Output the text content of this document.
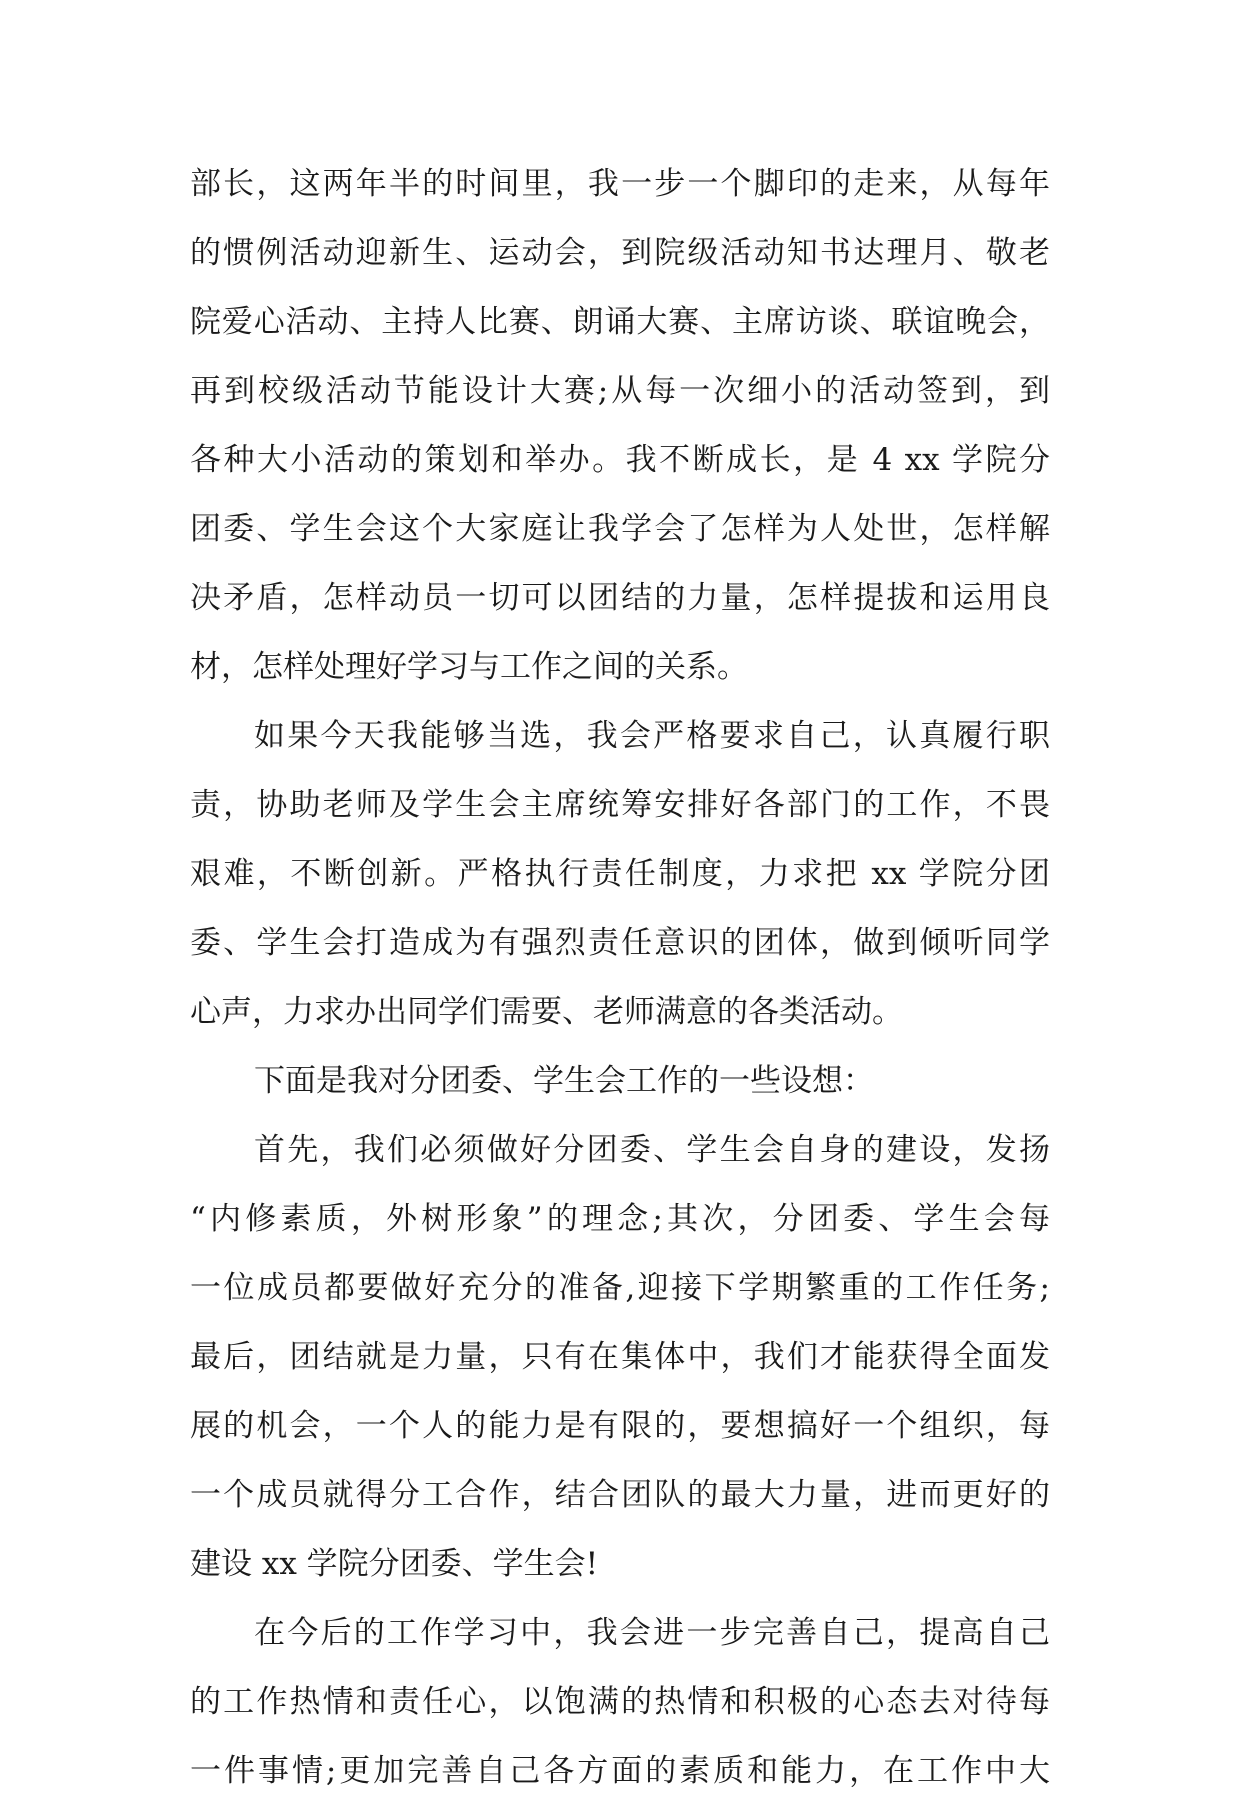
部长，这两年半的时间里，我一步一个脚印的走来，从每年
的惯例活动迎新生、运动会，到院级活动知书达理月、敬老
院爱心活动、主持人比赛、朗诵大赛、主席访谈、联谊晚会，
再到校级活动节能设计大赛;从每一次细小的活动签到，到
各种大小活动的策划和举办。我不断成长，是 4 xx 学院分
团委、学生会这个大家庭让我学会了怎样为人处世，怎样解
决矛盾，怎样动员一切可以团结的力量，怎样提拔和运用良
材，怎样处理好学习与工作之间的关系。
如果今天我能够当选，我会严格要求自己，认真履行职
责，协助老师及学生会主席统筹安排好各部门的工作，不畏
艰难，不断创新。严格执行责任制度，力求把 xx 学院分团
委、学生会打造成为有强烈责任意识的团体，做到倾听同学
心声，力求办出同学们需要、老师满意的各类活动。
下面是我对分团委、学生会工作的一些设想：
首先，我们必须做好分团委、学生会自身的建设，发扬
“内修素质，外树形象”的理念;其次，分团委、学生会每
一位成员都要做好充分的准备,迎接下学期繁重的工作任务;
最后，团结就是力量，只有在集体中，我们才能获得全面发
展的机会，一个人的能力是有限的，要想搞好一个组织，每
一个成员就得分工合作，结合团队的最大力量，进而更好的
建设 xx 学院分团委、学生会!
在今后的工作学习中，我会进一步完善自己，提高自己
的工作热情和责任心，以饱满的热情和积极的心态去对待每
一件事情;更加完善自己各方面的素质和能力，在工作中大
